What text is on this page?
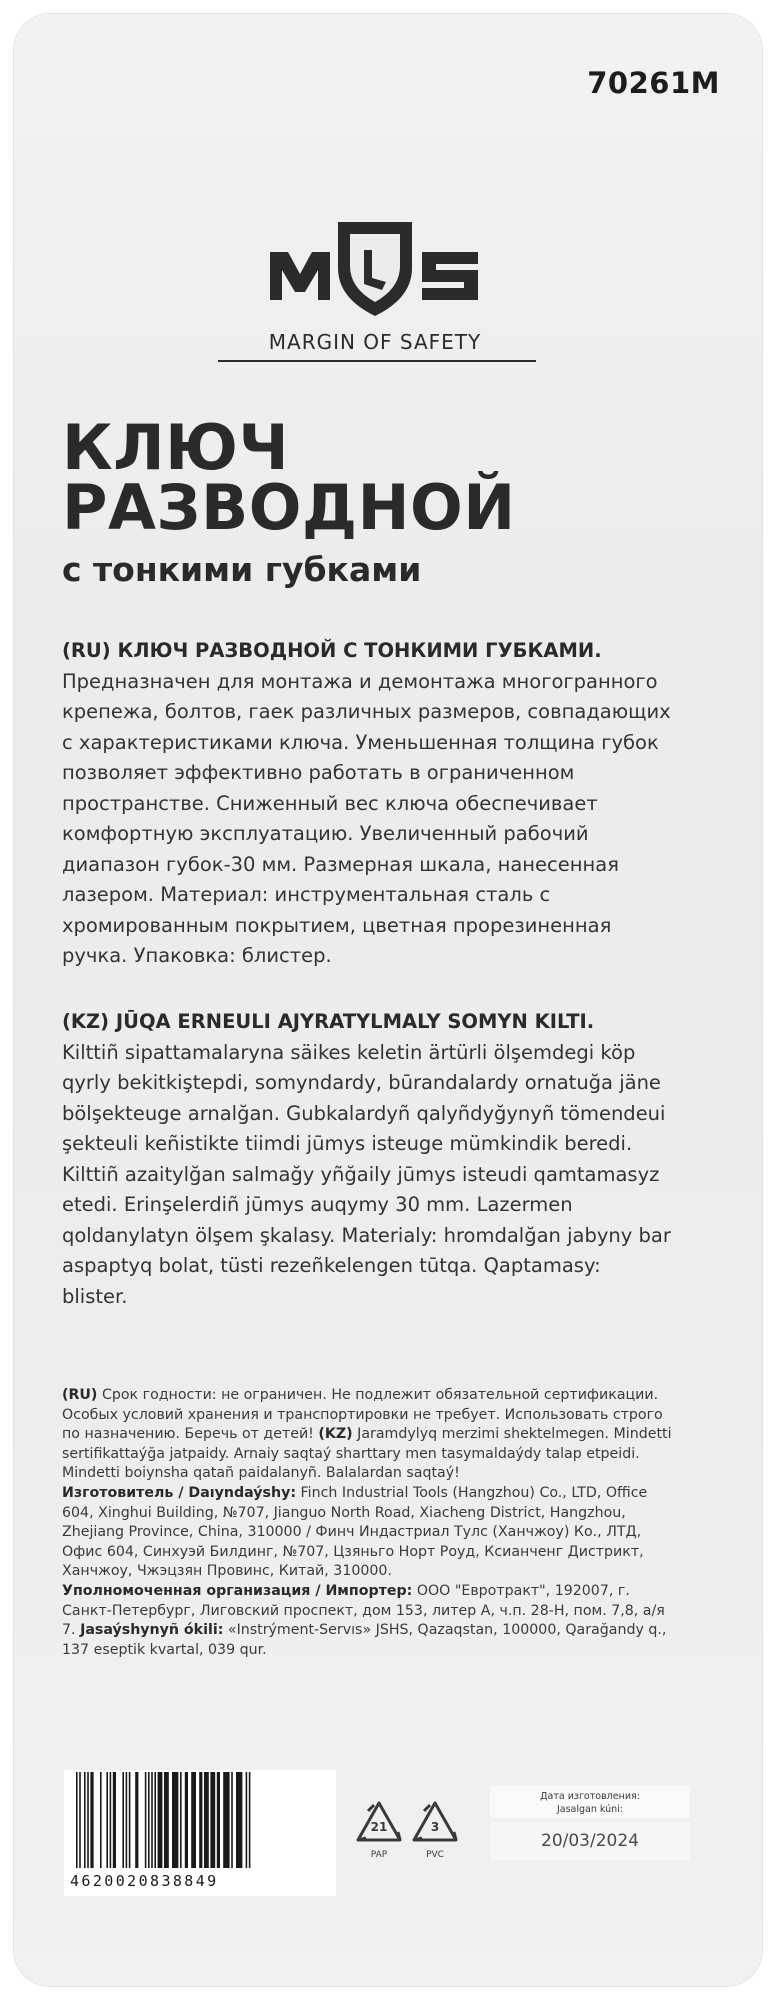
70261M
MARGIN OF SAFETY
КЛЮЧ
РАЗВОДНОЙ
с тонкими губками
(RU) КЛЮЧ РАЗВОДНОЙ С ТОНКИМИ ГУБКАМИ.
Предназначен для монтажа и демонтажа многогранного крепежа, болтов, гаек различных размеров, совпадающих с характеристиками ключа. Уменьшенная толщина губок позволяет эффективно работать в ограниченном пространстве. Сниженный вес ключа обеспечивает комфортную эксплуатацию. Увеличенный рабочий диапазон губок-30 мм. Размерная шкала, нанесенная лазером. Материал: инструментальная сталь с хромированным покрытием, цветная прорезиненная ручка. Упаковка: блистер.
(KZ) JŪQA ERNEULI AJYRATYLMALY SOMYN KILTI.
Kilttiñ sipattamalaryna säikes keletin ärtürli ölşemdegi köp qyrly bekitkiştерdi, somyndardy, būrandalardy ornatuğa jäne bölşekteuge arnalğan. Gubkalardyñ qalyñdyğynyñ tömendeui şekteuli keñistikte tiimdi jūmys isteuge mümkindik beredi. Kilttiñ azaitylğan salmağy yñğaily jūmys isteudi qamtamasyz etedi. Erinşelerdiñ jūmys auqymy 30 mm. Lazermen qoldanylatyn ölşem şkalasy. Materialy: hromdalğan jabyny bar aspaptyq bolat, tüstі rezeñkelengen tūtqa. Qaptamasy: blister.
(RU) Срок годности: не ограничен. Не подлежит обязательной сертификации. Особых условий хранения и транспортировки не требует. Использовать строго по назначению. Беречь от детей! (KZ) Jaramdylyq merzimi shektelmegen. Mindetti sertifikattaýğa jatpaidy. Arnaiy saqtaý sharttary men tasymaldaýdy talap etpeidi. Mindetti boiynsha qatañ paidalanyñ. Balalardan saqtaý!
Изготовитель / Daıyndaýshy: Finch Industrial Tools (Hangzhou) Co., LTD, Office 604, Xinghui Building, №707, Jianguo North Road, Xiacheng District, Hangzhou, Zhejiang Province, China, 310000 / Финч Индастриал Тулс (Ханчжоу) Ко., ЛТД, Офис 604, Синхуэй Билдинг, №707, Цзяньго Норт Роуд, Ксианченг Дистрикт, Ханчжоу, Чжэцзян Провинс, Китай, 310000.
Уполномоченная организация / Импортер: ООО "Евротракт", 192007, г. Санкт-Петербург, Лиговский проспект, дом 153, литер А, ч.п. 28-Н, пом. 7,8, а/я 7. Jasaýshynyñ ókili: «Instrýment-Servıs» JSHS, Qazaqstan, 100000, Qarağandy q., 137 eseptik kvartal, 039 qur.
4620020838849
21
PAP
3
PVC
Дата изготовления:
Jasalgan kúni:
20/03/2024
